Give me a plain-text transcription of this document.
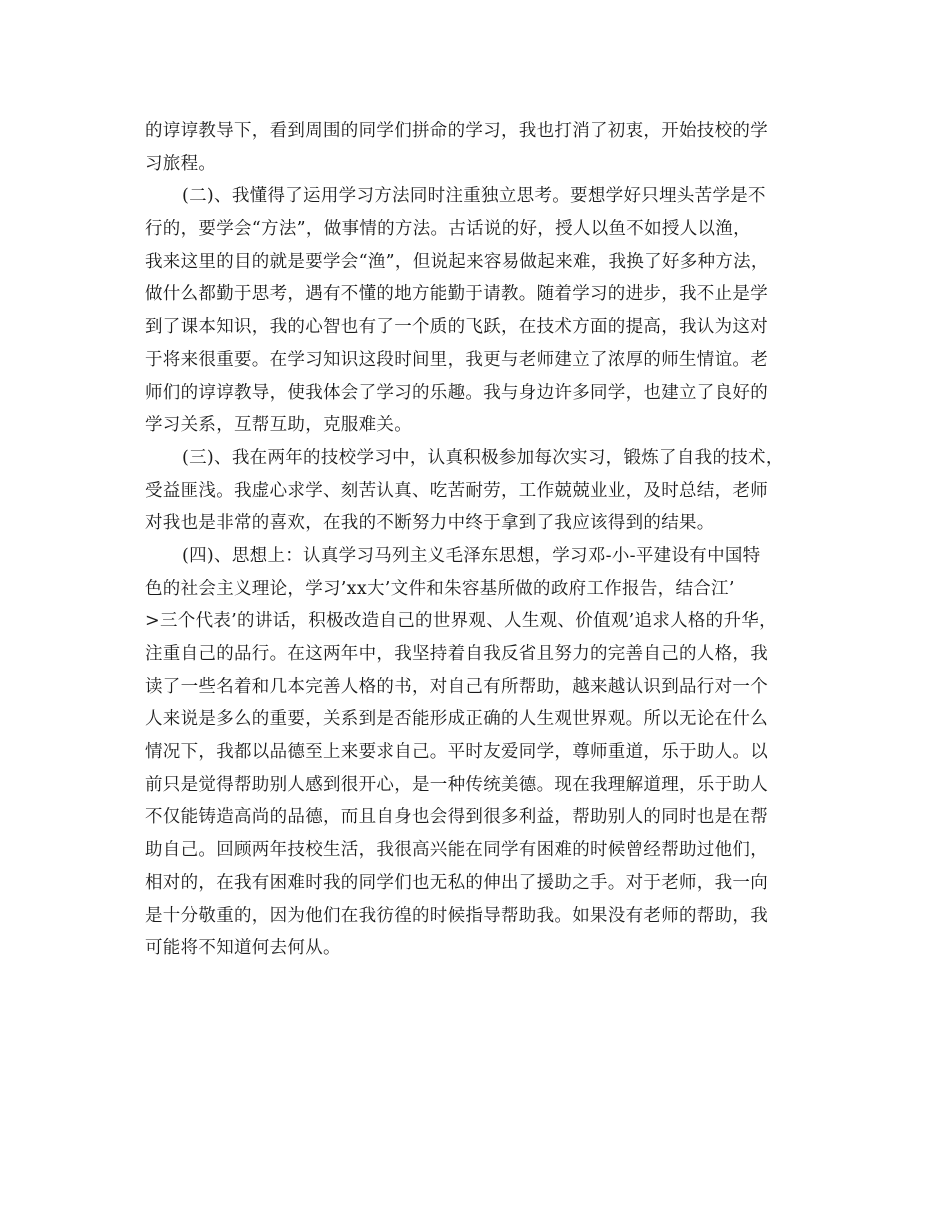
的谆谆教导下，看到周围的同学们拼命的学习，我也打消了初衷，开始技校的学
习旅程。
(二)、我懂得了运用学习方法同时注重独立思考。要想学好只埋头苦学是不
行的，要学会“方法”，做事情的方法。古话说的好，授人以鱼不如授人以渔，
我来这里的目的就是要学会“渔”，但说起来容易做起来难，我换了好多种方法，
做什么都勤于思考，遇有不懂的地方能勤于请教。随着学习的进步，我不止是学
到了课本知识，我的心智也有了一个质的飞跃，在技术方面的提高，我认为这对
于将来很重要。在学习知识这段时间里，我更与老师建立了浓厚的师生情谊。老
师们的谆谆教导，使我体会了学习的乐趣。我与身边许多同学，也建立了良好的
学习关系，互帮互助，克服难关。
(三)、我在两年的技校学习中，认真积极参加每次实习，锻炼了自我的技术，
受益匪浅。我虚心求学、刻苦认真、吃苦耐劳，工作兢兢业业，及时总结，老师
对我也是非常的喜欢，在我的不断努力中终于拿到了我应该得到的结果。
(四)、思想上：认真学习马列主义毛泽东思想，学习邓-小-平建设有中国特
色的社会主义理论，学习’xx大’文件和朱容基所做的政府工作报告，结合江’
>三个代表’的讲话，积极改造自己的世界观、人生观、价值观’追求人格的升华，
注重自己的品行。在这两年中，我坚持着自我反省且努力的完善自己的人格，我
读了一些名着和几本完善人格的书，对自己有所帮助，越来越认识到品行对一个
人来说是多么的重要，关系到是否能形成正确的人生观世界观。所以无论在什么
情况下，我都以品德至上来要求自己。平时友爱同学，尊师重道，乐于助人。以
前只是觉得帮助别人感到很开心，是一种传统美德。现在我理解道理，乐于助人
不仅能铸造高尚的品德，而且自身也会得到很多利益，帮助别人的同时也是在帮
助自己。回顾两年技校生活，我很高兴能在同学有困难的时候曾经帮助过他们，
相对的，在我有困难时我的同学们也无私的伸出了援助之手。对于老师，我一向
是十分敬重的，因为他们在我彷徨的时候指导帮助我。如果没有老师的帮助，我
可能将不知道何去何从。
